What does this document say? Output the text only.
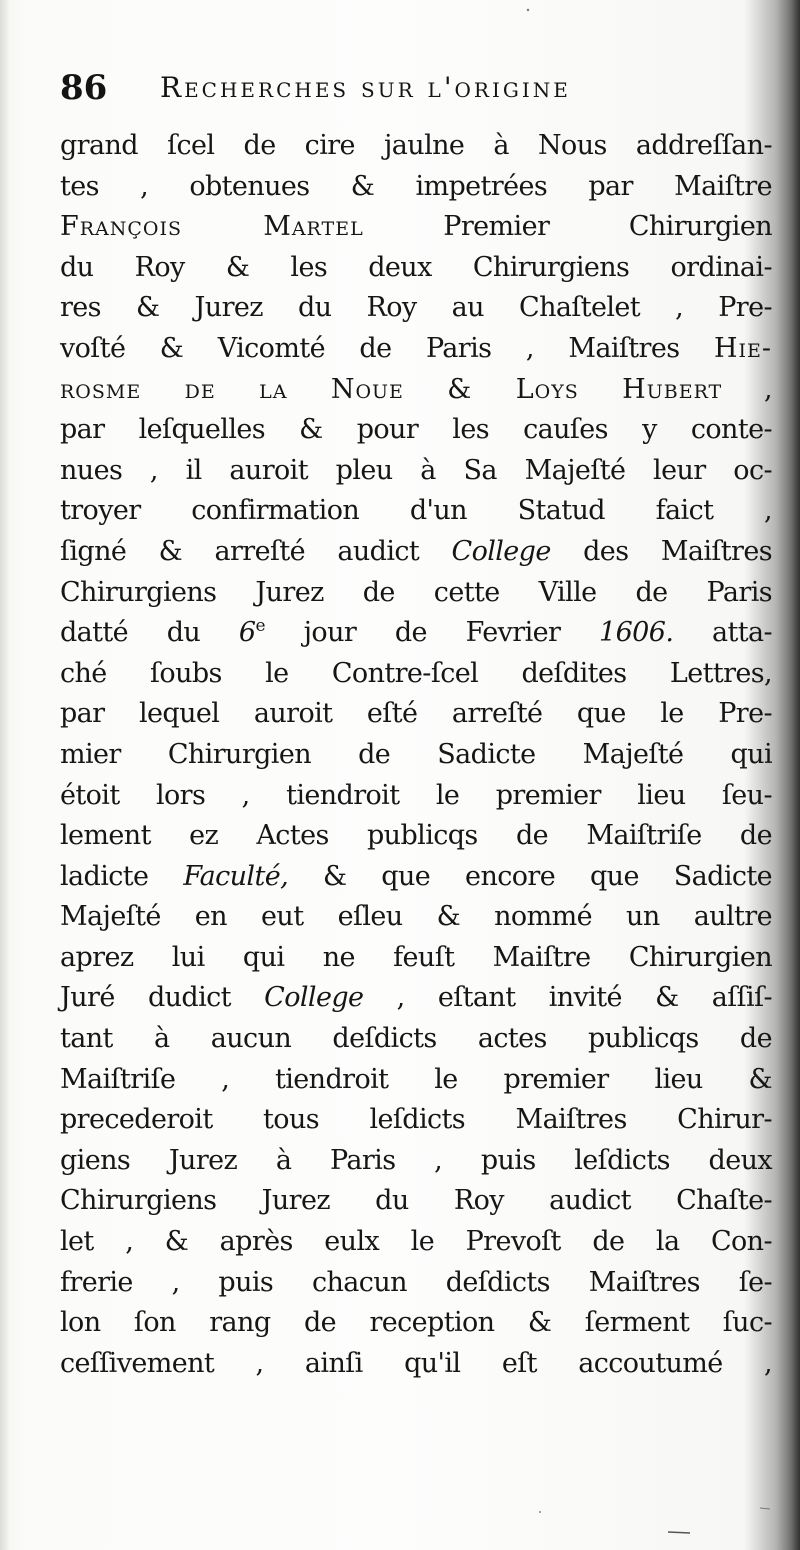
86 Recherches sur l'origine
grand ſcel de cire jaulne à Nous addreſſan-
tes , obtenues & impetrées par Maiſtre
François Martel Premier Chirurgien
du Roy & les deux Chirurgiens ordinai-
res & Jurez du Roy au Chaſtelet , Pre-
voſté & Vicomté de Paris , Maiſtres Hie-
rosme de la Noue & Loys Hubert ,
par leſquelles & pour les cauſes y conte-
nues , il auroit pleu à Sa Majeſté leur oc-
troyer confirmation d'un Statud faict ,
ſigné & arreſté audict College des Maiſtres
Chirurgiens Jurez de cette Ville de Paris
datté du 6e jour de Fevrier 1606. atta-
ché ſoubs le Contre-ſcel deſdites Lettres,
par lequel auroit eſté arreſté que le Pre-
mier Chirurgien de Sadicte Majeſté qui
étoit lors , tiendroit le premier lieu ſeu-
lement ez Actes publicqs de Maiſtriſe de
ladicte Faculté, & que encore que Sadicte
Majeſté en eut eſleu & nommé un aultre
aprez lui qui ne feuſt Maiſtre Chirurgien
Juré dudict College , eſtant invité & aſſiſ-
tant à aucun deſdicts actes publicqs de
Maiſtriſe , tiendroit le premier lieu &
precederoit tous leſdicts Maiſtres Chirur-
giens Jurez à Paris , puis leſdicts deux
Chirurgiens Jurez du Roy audict Chaſte-
let , & après eulx le Prevoſt de la Con-
frerie , puis chacun deſdicts Maiſtres ſe-
lon ſon rang de reception & ſerment ſuc-
ceſſivement , ainſi qu'il eſt accoutumé ,
